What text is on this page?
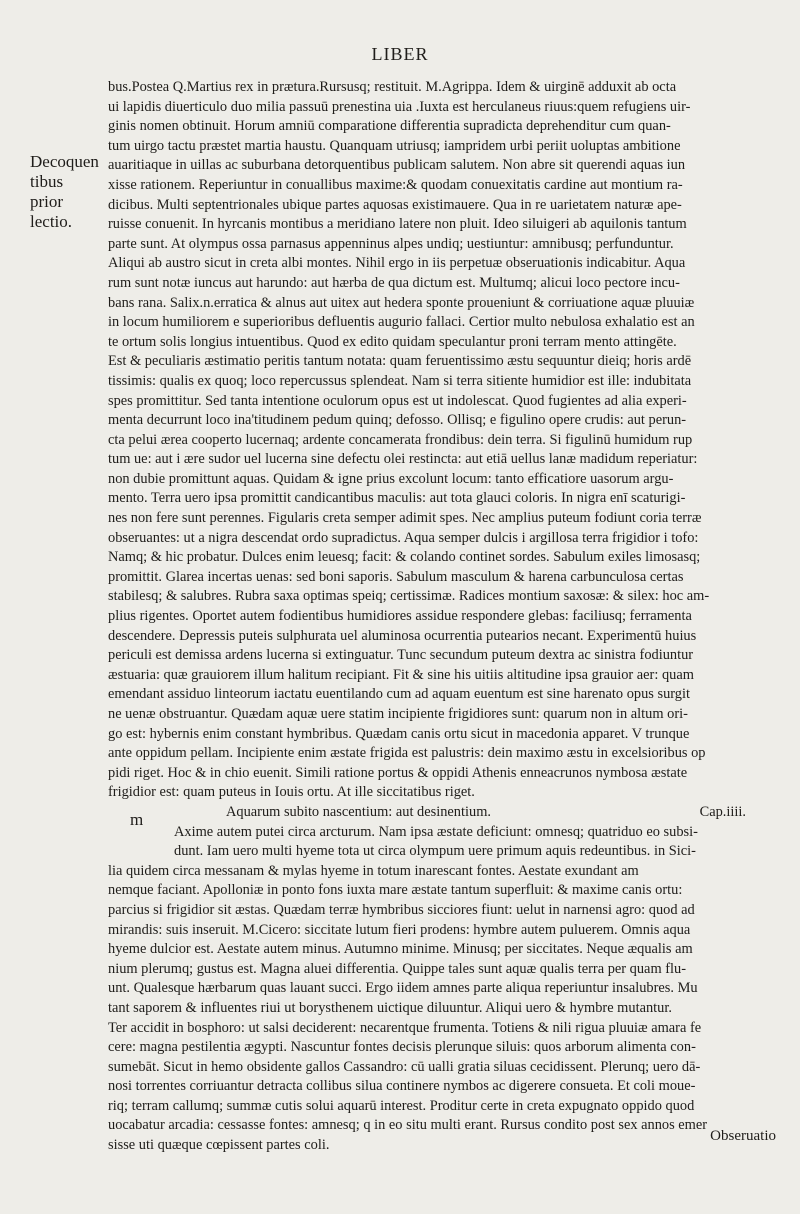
LIBER
Decoquen
tibus
prior
lectio.
m
bus.Postea Q.Martius rex in prætura.Rursusq; restituit. M.Agrippa. Idem & uirginē adduxit ab octa
ui lapidis diuerticulo duo milia passuū prenestina uia .Iuxta est herculaneus riuus:quem refugiens uir-
ginis nomen obtinuit. Horum amniū comparatione differentia supradicta deprehenditur cum quan-
tum uirgo tactu præstet martia haustu. Quanquam utriusq; iampridem urbi periit uoluptas ambitione
auaritiaque in uillas ac suburbana detorquentibus publicam salutem. Non abre sit querendi aquas iun
xisse rationem. Reperiuntur in conuallibus maxime:& quodam conuexitatis cardine aut montium ra-
dicibus. Multi septentrionales ubique partes aquosas existimauere. Qua in re uarietatem naturæ ape-
ruisse conuenit. In hyrcanis montibus a meridiano latere non pluit. Ideo siluigeri ab aquilonis tantum
parte sunt. At olympus ossa parnasus appenninus alpes undiq; uestiuntur: amnibusq; perfunduntur.
Aliqui ab austro sicut in creta albi montes. Nihil ergo in iis perpetuæ obseruationis indicabitur. Aqua
rum sunt notæ iuncus aut harundo: aut hærba de qua dictum est. Multumq; alicui loco pectore incu-
bans rana. Salix.n.erratica & alnus aut uitex aut hedera sponte proueniunt & corriuatione aquæ pluuiæ
in locum humiliorem e superioribus defluentis augurio fallaci. Certior multo nebulosa exhalatio est an
te ortum solis longius intuentibus. Quod ex edito quidam speculantur proni terram mento attingēte.
Est & peculiaris æstimatio peritis tantum notata: quam feruentissimo æstu sequuntur dieiq; horis ardē
tissimis: qualis ex quoq; loco repercussus splendeat. Nam si terra sitiente humidior est ille: indubitata
spes promittitur. Sed tanta intentione oculorum opus est ut indolescat. Quod fugientes ad alia experi-
menta decurrunt loco ina'titudinem pedum quinq; defosso. Ollisq; e figulino opere crudis: aut perun-
cta pelui ærea cooperto lucernaq; ardente concamerata frondibus: dein terra. Si figulinū humidum rup
tum ue: aut i ære sudor uel lucerna sine defectu olei restincta: aut etiā uellus lanæ madidum reperiatur:
non dubie promittunt aquas. Quidam & igne prius excolunt locum: tanto efficatiore uasorum argu-
mento. Terra uero ipsa promittit candicantibus maculis: aut tota glauci coloris. In nigra enī scaturigi-
nes non fere sunt perennes. Figularis creta semper adimit spes. Nec amplius puteum fodiunt coria terræ
obseruantes: ut a nigra descendat ordo supradictus. Aqua semper dulcis i argillosa terra frigidior i tofo:
Namq; & hic probatur. Dulces enim leuesq; facit: & colando continet sordes. Sabulum exiles limosasq;
promittit. Glarea incertas uenas: sed boni saporis. Sabulum masculum & harena carbunculosa certas
stabilesq; & salubres. Rubra saxa optimas speiq; certissimæ. Radices montium saxosæ: & silex: hoc am-
plius rigentes. Oportet autem fodientibus humidiores assidue respondere glebas: faciliusq; ferramenta
descendere. Depressis puteis sulphurata uel aluminosa ocurrentia putearios necant. Experimentū huius
periculi est demissa ardens lucerna si extinguatur. Tunc secundum puteum dextra ac sinistra fodiuntur
æstuaria: quæ grauiorem illum halitum recipiant. Fit & sine his uitiis altitudine ipsa grauior aer: quam
emendant assiduo linteorum iactatu euentilando cum ad aquam euentum est sine harenato opus surgit
ne uenæ obstruantur. Quædam aquæ uere statim incipiente frigidiores sunt: quarum non in altum ori-
go est: hybernis enim constant hymbribus. Quædam canis ortu sicut in macedonia apparet. V trunque
ante oppidum pellam. Incipiente enim æstate frigida est palustris: dein maximo æstu in excelsioribus op
pidi riget. Hoc & in chio euenit. Simili ratione portus & oppidi Athenis enneacrunos nymbosa æstate
frigidior est: quam puteus in Iouis ortu. At ille siccitatibus riget.
Aquarum subito nascentium: aut desinentium.	Cap.iiii.
Axime autem putei circa arcturum. Nam ipsa æstate deficiunt: omnesq; quatriduo eo subsi-
dunt. Iam uero multi hyeme tota ut circa olympum uere primum aquis redeuntibus. in Sici-
lia quidem circa messanam & mylas hyeme in totum inarescant fontes. Aestate exundant am
nemque faciant. Apolloniæ in ponto fons iuxta mare æstate tantum superfluit: & maxime canis ortu:
parcius si frigidior sit æstas. Quædam terræ hymbribus sicciores fiunt: uelut in narnensi agro: quod ad
mirandis: suis inseruit. M.Cicero: siccitate lutum fieri prodens: hymbre autem puluerem. Omnis aqua
hyeme dulcior est. Aestate autem minus. Autumno minime. Minusq; per siccitates. Neque æqualis am
nium plerumq; gustus est. Magna aluei differentia. Quippe tales sunt aquæ qualis terra per quam flu-
unt. Qualesque hærbarum quas lauant succi. Ergo iidem amnes parte aliqua reperiuntur insalubres. Mu
tant saporem & influentes riui ut borysthenem uictique diluuntur. Aliqui uero & hymbre mutantur.
Ter accidit in bosphoro: ut salsi deciderent: necarentque frumenta. Totiens & nili rigua pluuiæ amara fe
cere: magna pestilentia ægypti. Nascuntur fontes decisis plerunque siluis: quos arborum alimenta con-
sumebāt. Sicut in hemo obsidente gallos Cassandro: cū ualli gratia siluas cecidissent. Plerunq; uero dā-
nosi torrentes corriuantur detracta collibus silua continere nymbos ac digerere consueta. Et coli moue-
riq; terram callumq; summæ cutis solui aquarū interest. Proditur certe in creta expugnato oppido quod
uocabatur arcadia: cessasse fontes: amnesq; q in eo situ multi erant. Rursus condito post sex annos emer
sisse uti quæque cœpissent partes coli.
Obseruatio
